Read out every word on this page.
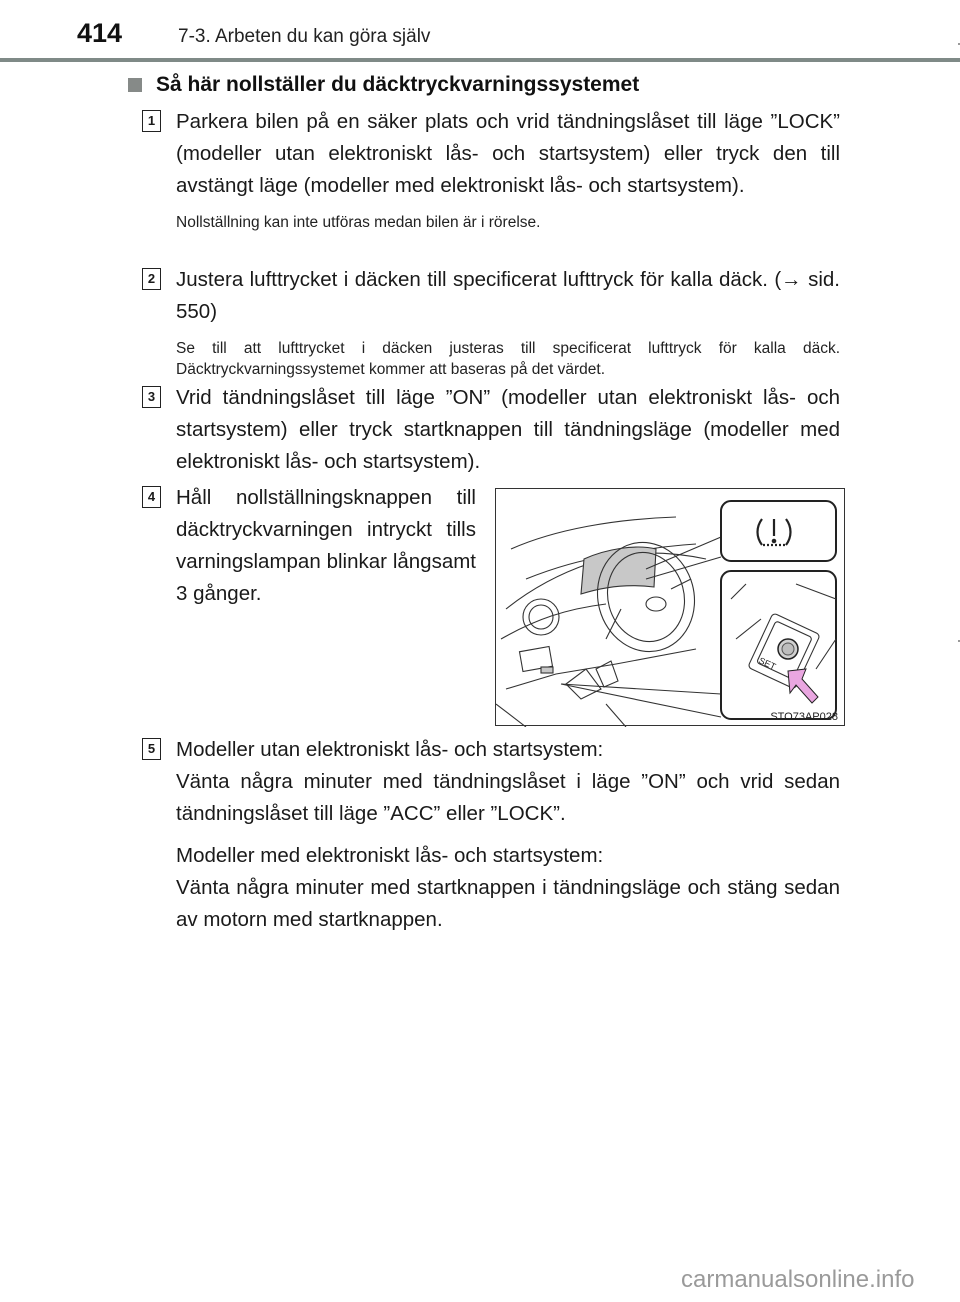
414	7-3. Arbeten du kan göra själv
Så här nollställer du däcktryckvarningssystemet
1 Parkera bilen på en säker plats och vrid tändningslåset till läge ”LOCK” (modeller utan elektroniskt lås- och startsystem) eller tryck den till avstängt läge (modeller med elektroniskt lås- och startsystem).
Nollställning kan inte utföras medan bilen är i rörelse.
2 Justera lufttrycket i däcken till specificerat lufttryck för kalla däck. (→ sid. 550)
Se till att lufttrycket i däcken justeras till specificerat lufttryck för kalla däck. Däcktryckvarningssystemet kommer att baseras på det värdet.
3 Vrid tändningslåset till läge ”ON” (modeller utan elektroniskt lås- och startsystem) eller tryck startknappen till tändningsläge (modeller med elektroniskt lås- och startsystem).
4 Håll nollställningsknappen till däcktryckvarningen intryckt tills varningslampan blinkar långsamt 3 gånger.
SET
STO73AP028
5 Modeller utan elektroniskt lås- och startsystem:
Vänta några minuter med tändningslåset i läge ”ON” och vrid sedan tändningslåset till läge ”ACC” eller ”LOCK”.
Modeller med elektroniskt lås- och startsystem:
Vänta några minuter med startknappen i tändningsläge och stäng sedan av motorn med startknappen.
carmanualsonline.info
